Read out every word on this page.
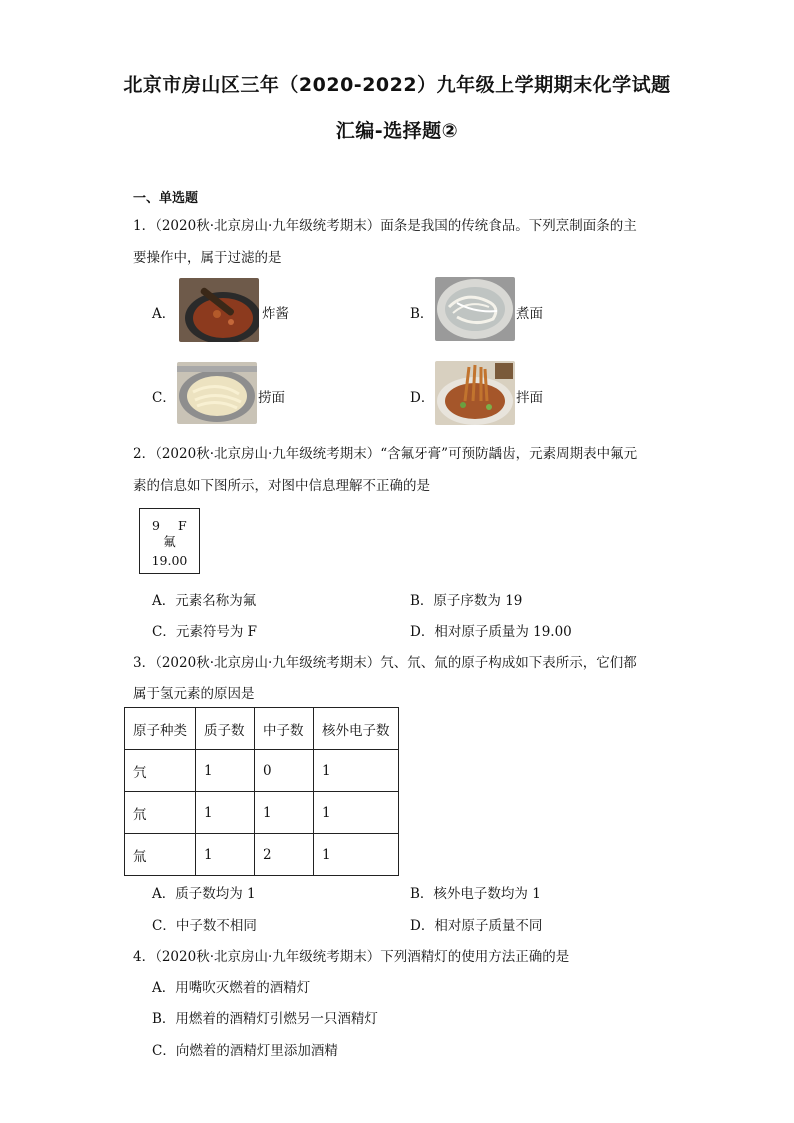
北京市房山区三年（2020-2022）九年级上学期期末化学试题
汇编-选择题②
一、单选题
1．（2020秋·北京房山·九年级统考期末）面条是我国的传统食品。下列烹制面条的主
要操作中，属于过滤的是
A．	炸酱	B．	煮面
C．	捞面	D．	拌面
2．（2020秋·北京房山·九年级统考期末）“含氟牙膏”可预防龋齿，元素周期表中氟元
素的信息如下图所示，对图中信息理解不正确的是
9 F
氟
19.00
A．元素名称为氟	B．原子序数为 19
C．元素符号为 F	D．相对原子质量为 19.00
3．（2020秋·北京房山·九年级统考期末）氕、氘、氚的原子构成如下表所示，它们都
属于氢元素的原因是
原子种类	质子数	中子数	核外电子数
氕	1	0	1
氘	1	1	1
氚	1	2	1
A．质子数均为 1	B．核外电子数均为 1
C．中子数不相同	D．相对原子质量不同
4．（2020秋·北京房山·九年级统考期末）下列酒精灯的使用方法正确的是
A．用嘴吹灭燃着的酒精灯
B．用燃着的酒精灯引燃另一只酒精灯
C．向燃着的酒精灯里添加酒精
